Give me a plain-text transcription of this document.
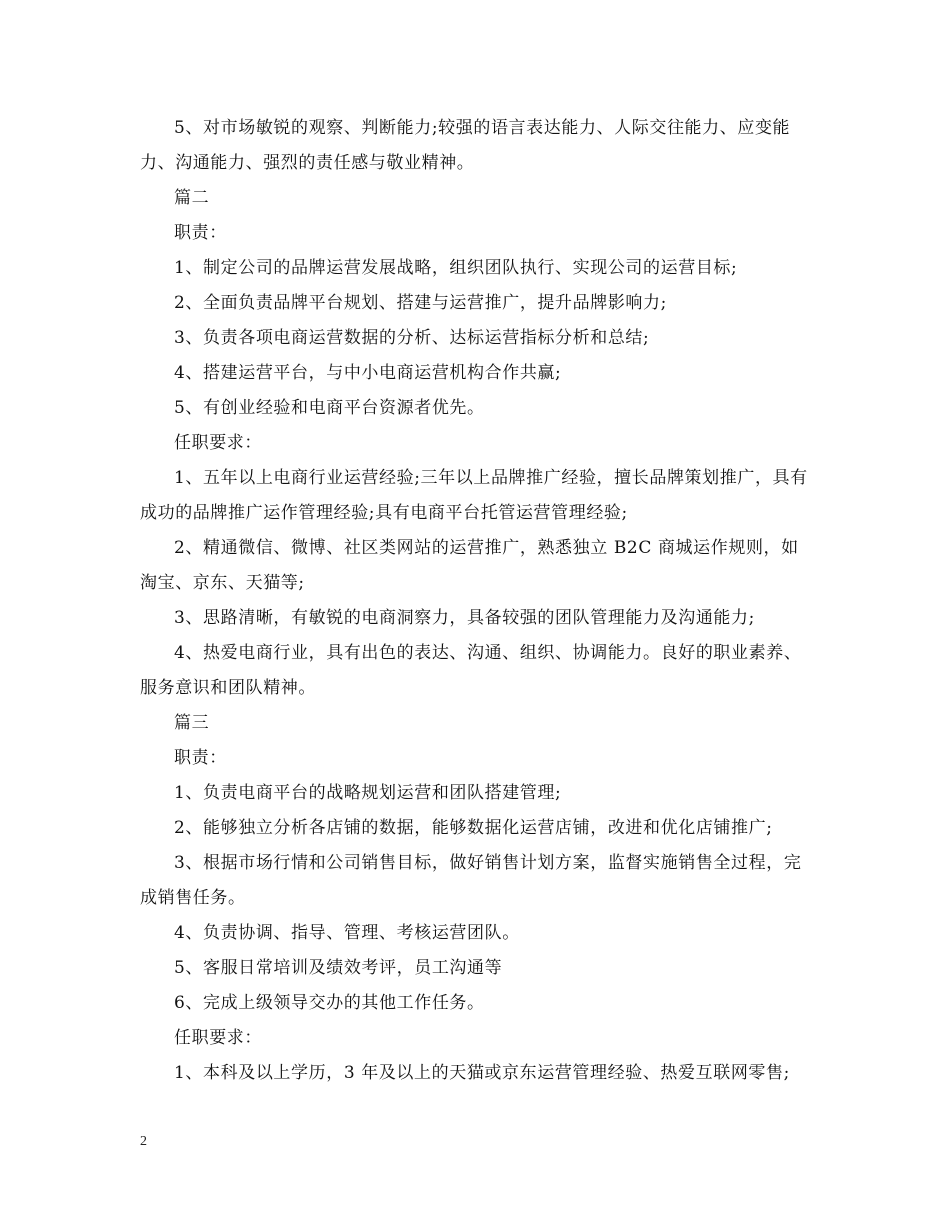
5、对市场敏锐的观察、判断能力;较强的语言表达能力、人际交往能力、应变能力、沟通能力、强烈的责任感与敬业精神。

篇二

职责：

1、制定公司的品牌运营发展战略，组织团队执行、实现公司的运营目标;

2、全面负责品牌平台规划、搭建与运营推广，提升品牌影响力;

3、负责各项电商运营数据的分析、达标运营指标分析和总结;

4、搭建运营平台，与中小电商运营机构合作共赢;

5、有创业经验和电商平台资源者优先。

任职要求：

1、五年以上电商行业运营经验;三年以上品牌推广经验，擅长品牌策划推广，具有成功的品牌推广运作管理经验;具有电商平台托管运营管理经验;

2、精通微信、微博、社区类网站的运营推广，熟悉独立 B2C 商城运作规则，如淘宝、京东、天猫等;

3、思路清晰，有敏锐的电商洞察力，具备较强的团队管理能力及沟通能力;

4、热爱电商行业，具有出色的表达、沟通、组织、协调能力。良好的职业素养、服务意识和团队精神。

篇三

职责：

1、负责电商平台的战略规划运营和团队搭建管理;

2、能够独立分析各店铺的数据，能够数据化运营店铺，改进和优化店铺推广;

3、根据市场行情和公司销售目标，做好销售计划方案，监督实施销售全过程，完成销售任务。

4、负责协调、指导、管理、考核运营团队。

5、客服日常培训及绩效考评，员工沟通等

6、完成上级领导交办的其他工作任务。

任职要求：

1、本科及以上学历，3 年及以上的天猫或京东运营管理经验、热爱互联网零售;

2
